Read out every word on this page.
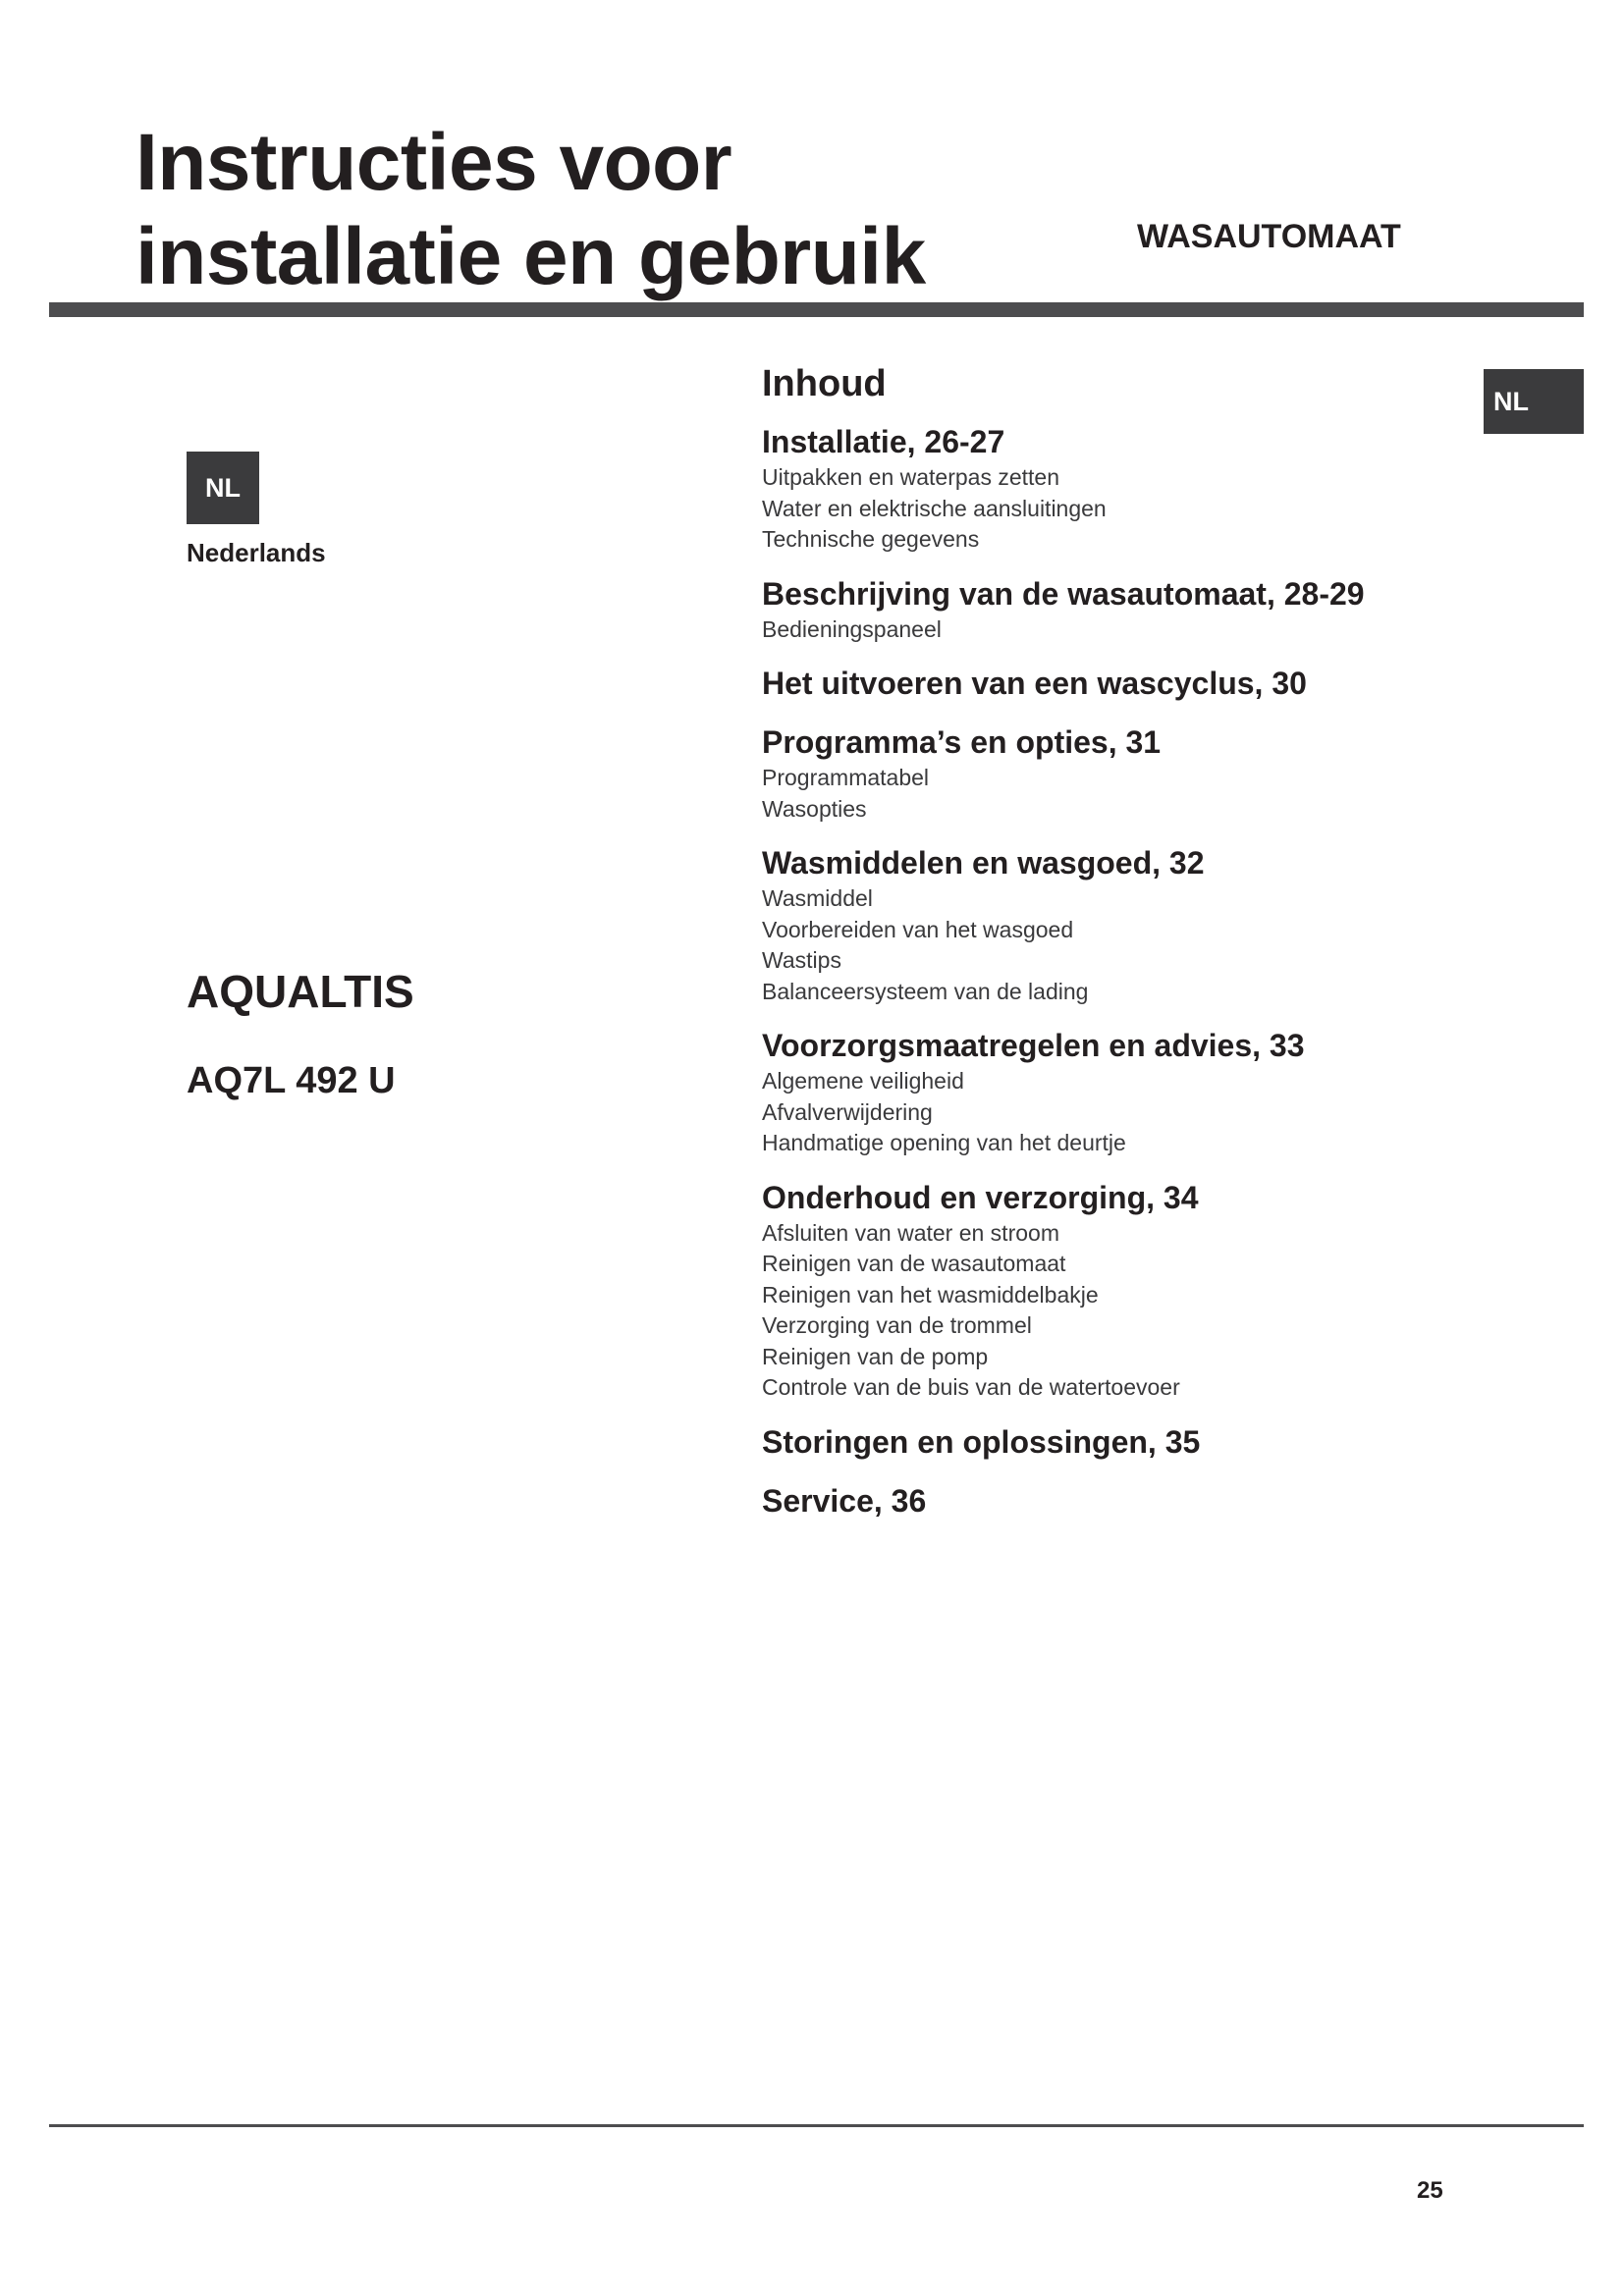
Instructies voor
installatie en gebruik	WASAUTOMAAT
NL
Nederlands
NL
AQUALTIS
AQ7L 492 U
Inhoud
Installatie, 26-27
Uitpakken en waterpas zetten
Water en elektrische aansluitingen
Technische gegevens
Beschrijving van de wasautomaat, 28-29
Bedieningspaneel
Het uitvoeren van een wascyclus, 30
Programma’s en opties, 31
Programmatabel
Wasopties
Wasmiddelen en wasgoed, 32
Wasmiddel
Voorbereiden van het wasgoed
Wastips
Balanceersysteem van de lading
Voorzorgsmaatregelen en advies, 33
Algemene veiligheid
Afvalverwijdering
Handmatige opening van het deurtje
Onderhoud en verzorging, 34
Afsluiten van water en stroom
Reinigen van de wasautomaat
Reinigen van het wasmiddelbakje
Verzorging van de trommel
Reinigen van de pomp
Controle van de buis van de watertoevoer
Storingen en oplossingen, 35
Service, 36
25
